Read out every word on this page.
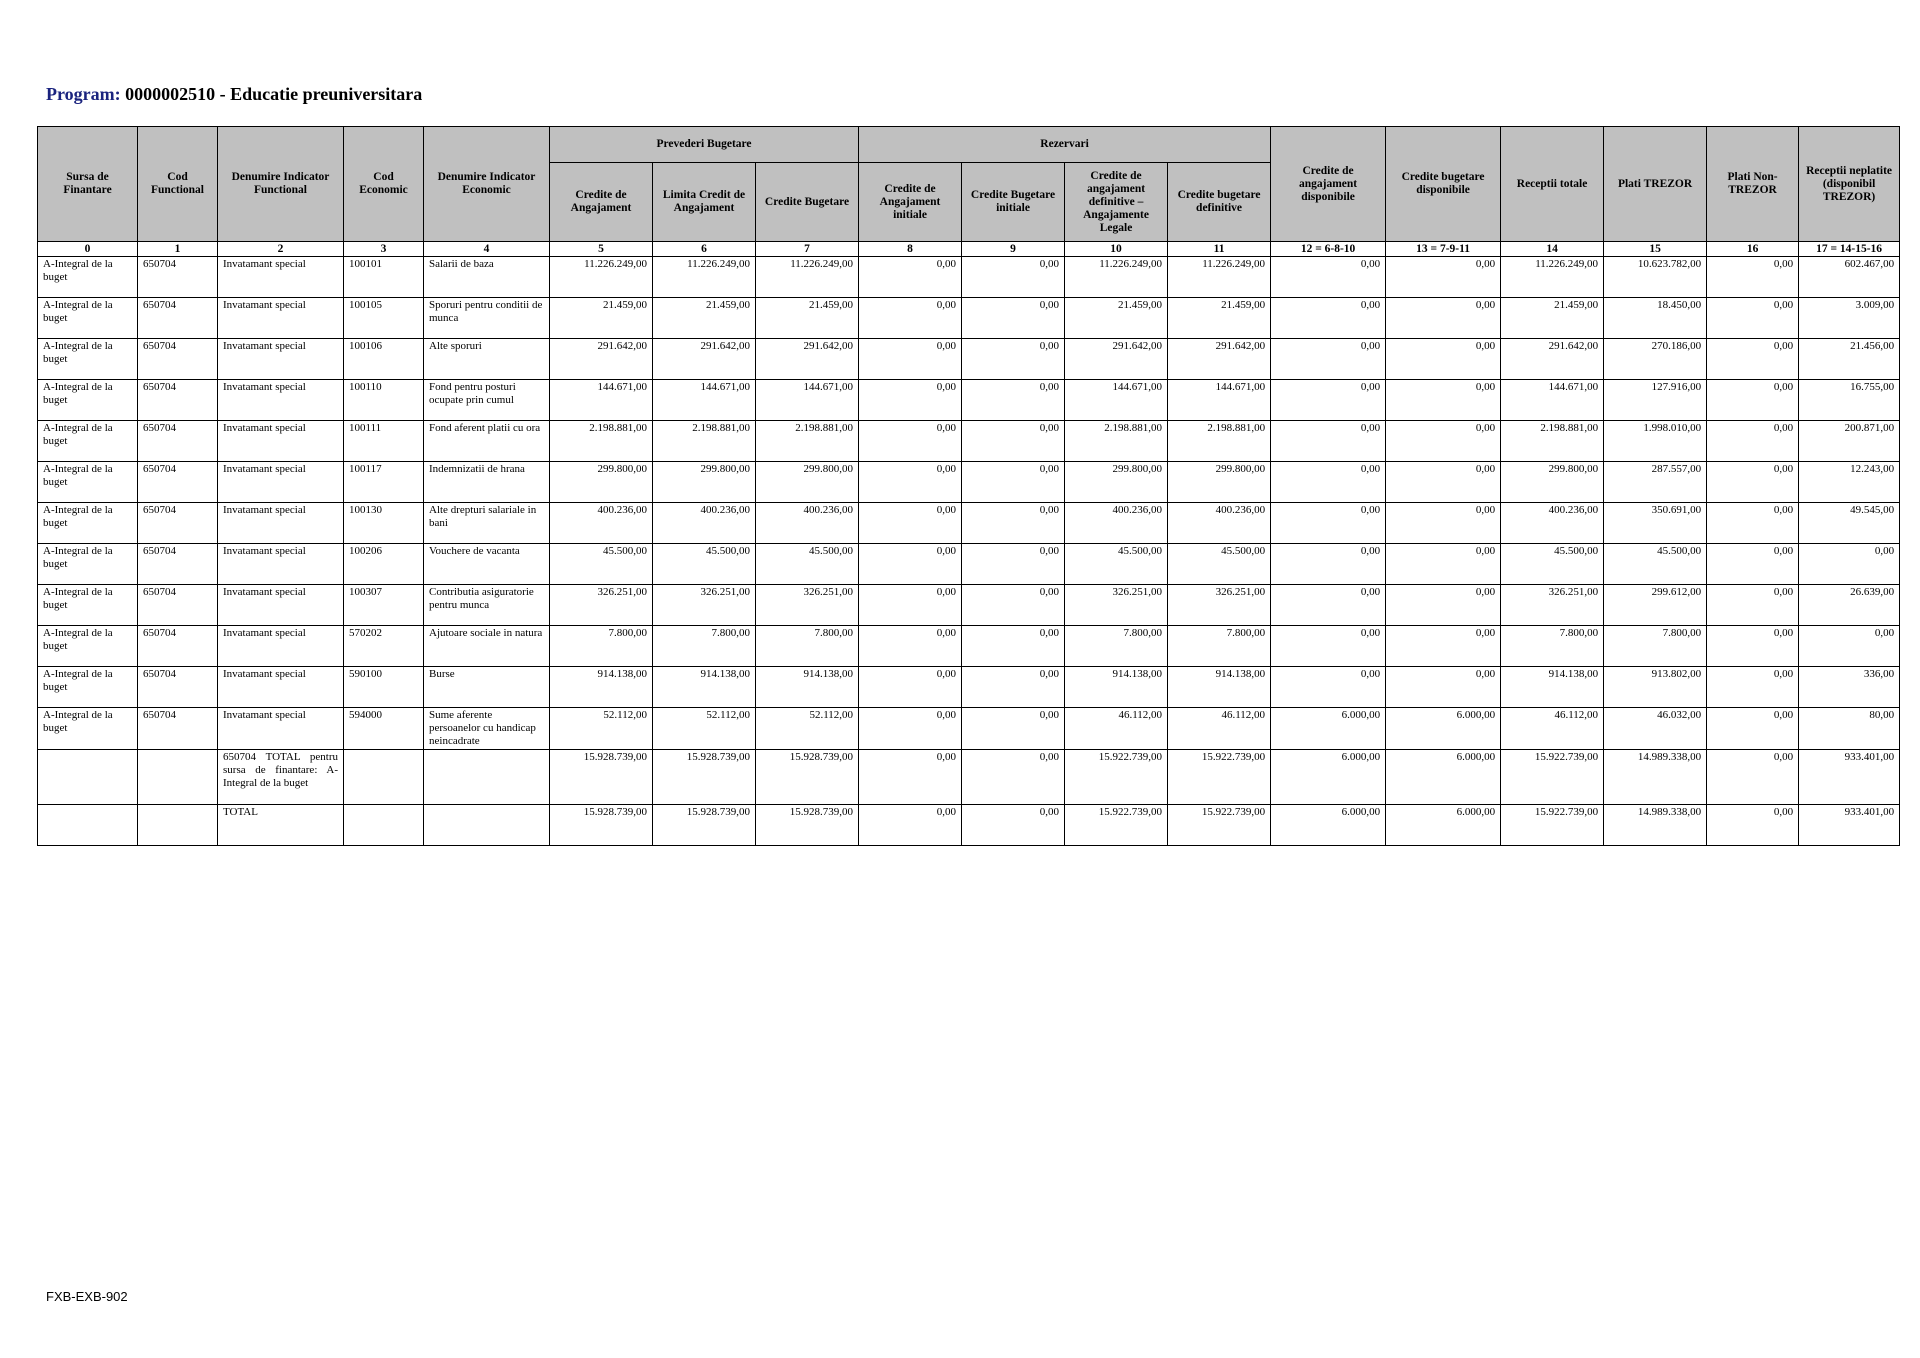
Program: 0000002510 - Educatie preuniversitara
Sursa de Finantare	Cod Functional	Denumire Indicator Functional	Cod Economic	Denumire Indicator Economic	Prevederi Bugetare			Rezervari				Credite de angajament disponibile	Credite bugetare disponibile	Receptii totale	Plati TREZOR	Plati Non- TREZOR	Receptii neplatite (disponibil TREZOR)
					Credite de Angajament	Limita Credit de Angajament	Credite Bugetare	Credite de Angajament initiale	Credite Bugetare initiale	Credite de angajament definitive – Angajamente Legale	Credite bugetare definitive						
0	1	2	3	4	5	6	7	8	9	10	11	12 = 6-8-10	13 = 7-9-11	14	15	16	17 = 14-15-16
A-Integral de la buget	650704	Invatamant special	100101	Salarii de baza	11.226.249,00	11.226.249,00	11.226.249,00	0,00	0,00	11.226.249,00	11.226.249,00	0,00	0,00	11.226.249,00	10.623.782,00	0,00	602.467,00
A-Integral de la buget	650704	Invatamant special	100105	Sporuri pentru conditii de munca	21.459,00	21.459,00	21.459,00	0,00	0,00	21.459,00	21.459,00	0,00	0,00	21.459,00	18.450,00	0,00	3.009,00
A-Integral de la buget	650704	Invatamant special	100106	Alte sporuri	291.642,00	291.642,00	291.642,00	0,00	0,00	291.642,00	291.642,00	0,00	0,00	291.642,00	270.186,00	0,00	21.456,00
A-Integral de la buget	650704	Invatamant special	100110	Fond pentru posturi ocupate prin cumul	144.671,00	144.671,00	144.671,00	0,00	0,00	144.671,00	144.671,00	0,00	0,00	144.671,00	127.916,00	0,00	16.755,00
A-Integral de la buget	650704	Invatamant special	100111	Fond aferent platii cu ora	2.198.881,00	2.198.881,00	2.198.881,00	0,00	0,00	2.198.881,00	2.198.881,00	0,00	0,00	2.198.881,00	1.998.010,00	0,00	200.871,00
A-Integral de la buget	650704	Invatamant special	100117	Indemnizatii de hrana	299.800,00	299.800,00	299.800,00	0,00	0,00	299.800,00	299.800,00	0,00	0,00	299.800,00	287.557,00	0,00	12.243,00
A-Integral de la buget	650704	Invatamant special	100130	Alte drepturi salariale in bani	400.236,00	400.236,00	400.236,00	0,00	0,00	400.236,00	400.236,00	0,00	0,00	400.236,00	350.691,00	0,00	49.545,00
A-Integral de la buget	650704	Invatamant special	100206	Vouchere de vacanta	45.500,00	45.500,00	45.500,00	0,00	0,00	45.500,00	45.500,00	0,00	0,00	45.500,00	45.500,00	0,00	0,00
A-Integral de la buget	650704	Invatamant special	100307	Contributia asiguratorie pentru munca	326.251,00	326.251,00	326.251,00	0,00	0,00	326.251,00	326.251,00	0,00	0,00	326.251,00	299.612,00	0,00	26.639,00
A-Integral de la buget	650704	Invatamant special	570202	Ajutoare sociale in natura	7.800,00	7.800,00	7.800,00	0,00	0,00	7.800,00	7.800,00	0,00	0,00	7.800,00	7.800,00	0,00	0,00
A-Integral de la buget	650704	Invatamant special	590100	Burse	914.138,00	914.138,00	914.138,00	0,00	0,00	914.138,00	914.138,00	0,00	0,00	914.138,00	913.802,00	0,00	336,00
A-Integral de la buget	650704	Invatamant special	594000	Sume aferente persoanelor cu handicap neincadrate	52.112,00	52.112,00	52.112,00	0,00	0,00	46.112,00	46.112,00	6.000,00	6.000,00	46.112,00	46.032,00	0,00	80,00
		650704 TOTAL pentru sursa de finantare: A-Integral de la buget			15.928.739,00	15.928.739,00	15.928.739,00	0,00	0,00	15.922.739,00	15.922.739,00	6.000,00	6.000,00	15.922.739,00	14.989.338,00	0,00	933.401,00
		TOTAL			15.928.739,00	15.928.739,00	15.928.739,00	0,00	0,00	15.922.739,00	15.922.739,00	6.000,00	6.000,00	15.922.739,00	14.989.338,00	0,00	933.401,00
FXB-EXB-902
